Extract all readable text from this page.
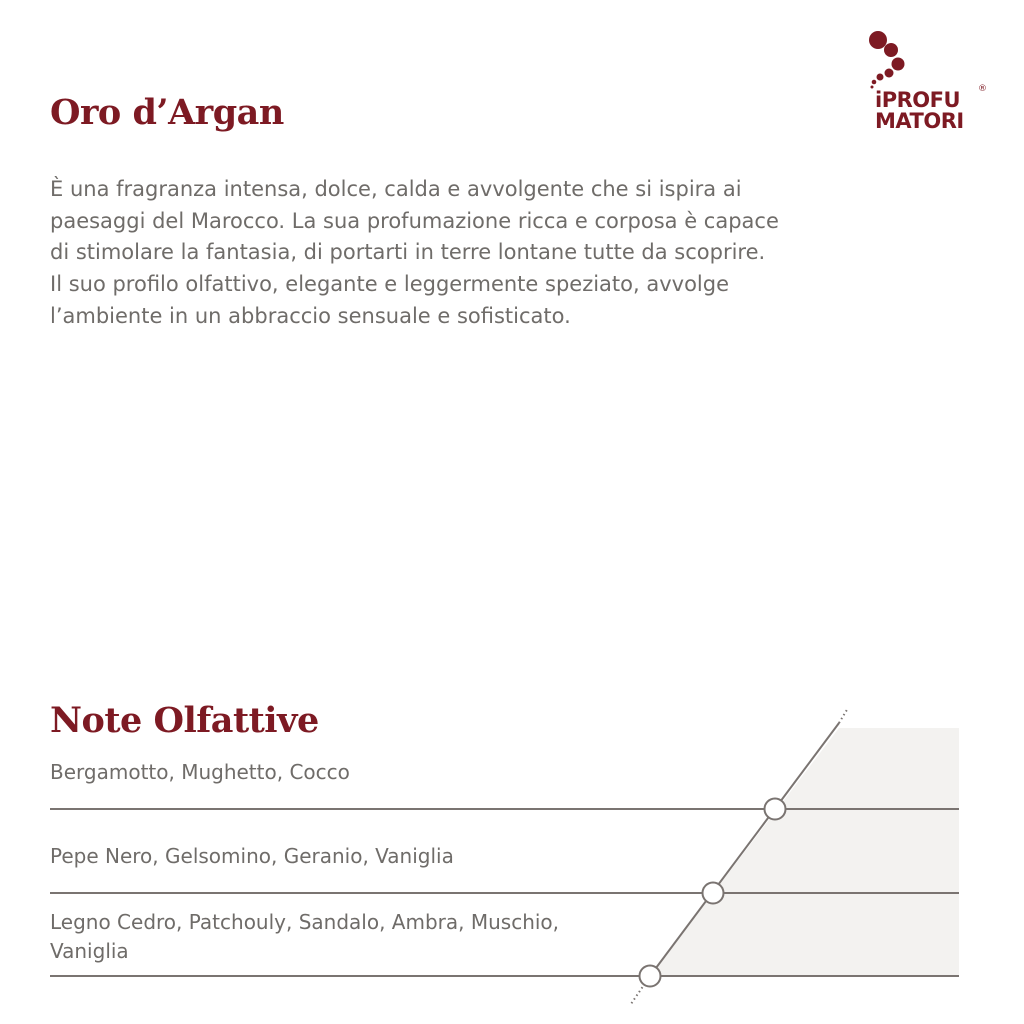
iPROFU
MATORI
®
Oro d’Argan

È una fragranza intensa, dolce, calda e avvolgente che si ispira ai paesaggi del Marocco. La sua profumazione ricca e corposa è capace di stimolare la fantasia, di portarti in terre lontane tutte da scoprire. Il suo profilo olfattivo, elegante e leggermente speziato, avvolge l’ambiente in un abbraccio sensuale e sofisticato.

Note Olfattive

Bergamotto, Mughetto, Cocco

Pepe Nero, Gelsomino, Geranio, Vaniglia

Legno Cedro, Patchouly, Sandalo, Ambra, Muschio, Vaniglia
